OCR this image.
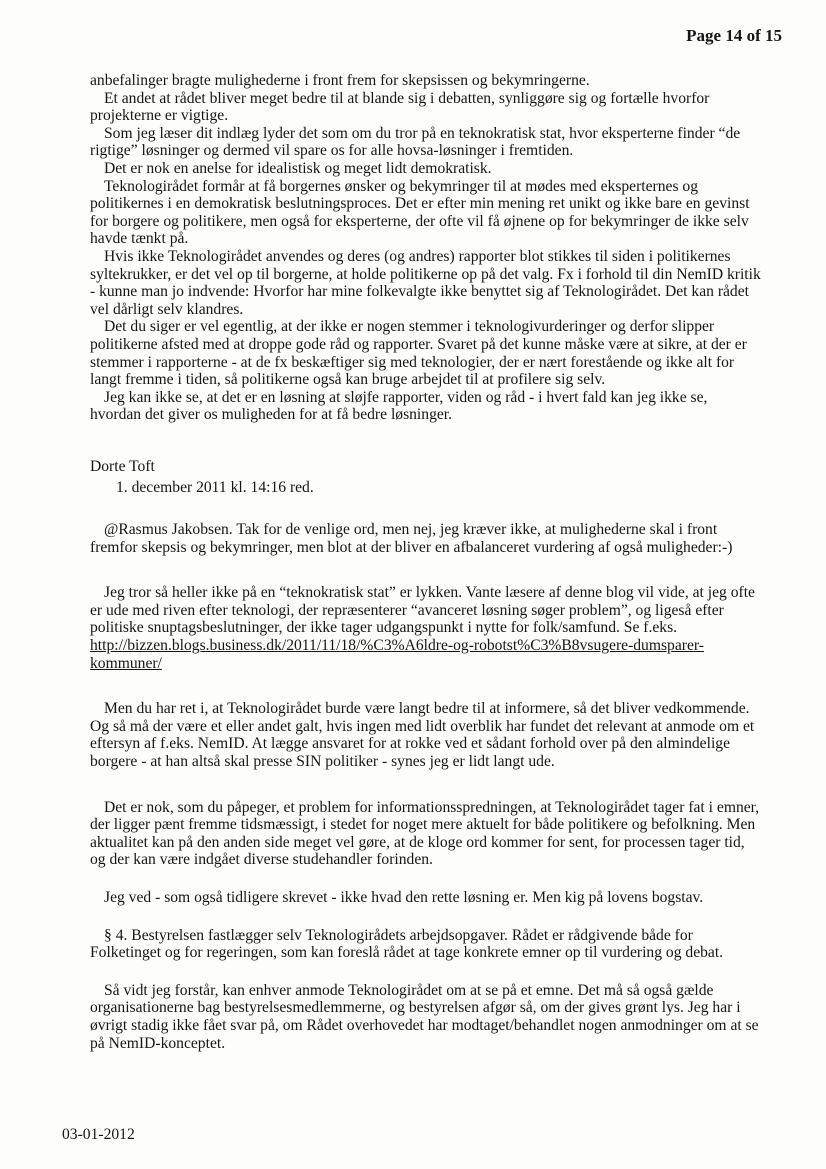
Page 14 of 15

anbefalinger bragte mulighederne i front frem for skepsissen og bekymringerne.

Et andet at rådet bliver meget bedre til at blande sig i debatten, synliggøre sig og fortælle hvorfor projekterne er vigtige.

Som jeg læser dit indlæg lyder det som om du tror på en teknokratisk stat, hvor eksperterne finder “de rigtige” løsninger og dermed vil spare os for alle hovsa-løsninger i fremtiden.

Det er nok en anelse for idealistisk og meget lidt demokratisk.

Teknologirådet formår at få borgernes ønsker og bekymringer til at mødes med eksperternes og politikernes i en demokratisk beslutningsproces. Det er efter min mening ret unikt og ikke bare en gevinst for borgere og politikere, men også for eksperterne, der ofte vil få øjnene op for bekymringer de ikke selv havde tænkt på.

Hvis ikke Teknologirådet anvendes og deres (og andres) rapporter blot stikkes til siden i politikernes syltekrukker, er det vel op til borgerne, at holde politikerne op på det valg. Fx i forhold til din NemID kritik - kunne man jo indvende: Hvorfor har mine folkevalgte ikke benyttet sig af Teknologirådet. Det kan rådet vel dårligt selv klandres.

Det du siger er vel egentlig, at der ikke er nogen stemmer i teknologivurderinger og derfor slipper politikerne afsted med at droppe gode råd og rapporter. Svaret på det kunne måske være at sikre, at der er stemmer i rapporterne - at de fx beskæftiger sig med teknologier, der er nært forestående og ikke alt for langt fremme i tiden, så politikerne også kan bruge arbejdet til at profilere sig selv.

Jeg kan ikke se, at det er en løsning at sløjfe rapporter, viden og råd - i hvert fald kan jeg ikke se, hvordan det giver os muligheden for at få bedre løsninger.

Dorte Toft

1. december 2011 kl. 14:16 red.

@Rasmus Jakobsen. Tak for de venlige ord, men nej, jeg kræver ikke, at mulighederne skal i front fremfor skepsis og bekymringer, men blot at der bliver en afbalanceret vurdering af også muligheder:-)

Jeg tror så heller ikke på en “teknokratisk stat” er lykken. Vante læsere af denne blog vil vide, at jeg ofte er ude med riven efter teknologi, der repræsenterer “avanceret løsning søger problem”, og ligeså efter politiske snuptagsbeslutninger, der ikke tager udgangspunkt i nytte for folk/samfund. Se f.eks.
http://bizzen.blogs.business.dk/2011/11/18/%C3%A6ldre-og-robotst%C3%B8vsugere-dumsparer-kommuner/

Men du har ret i, at Teknologirådet burde være langt bedre til at informere, så det bliver vedkommende. Og så må der være et eller andet galt, hvis ingen med lidt overblik har fundet det relevant at anmode om et eftersyn af f.eks. NemID. At lægge ansvaret for at rokke ved et sådant forhold over på den almindelige borgere - at han altså skal presse SIN politiker - synes jeg er lidt langt ude.

Det er nok, som du påpeger, et problem for informationsspredningen, at Teknologirådet tager fat i emner, der ligger pænt fremme tidsmæssigt, i stedet for noget mere aktuelt for både politikere og befolkning. Men aktualitet kan på den anden side meget vel gøre, at de kloge ord kommer for sent, for processen tager tid, og der kan være indgået diverse studehandler forinden.

Jeg ved - som også tidligere skrevet - ikke hvad den rette løsning er. Men kig på lovens bogstav.

§ 4. Bestyrelsen fastlægger selv Teknologirådets arbejdsopgaver. Rådet er rådgivende både for Folketinget og for regeringen, som kan foreslå rådet at tage konkrete emner op til vurdering og debat.

Så vidt jeg forstår, kan enhver anmode Teknologirådet om at se på et emne. Det må så også gælde organisationerne bag bestyrelsesmedlemmerne, og bestyrelsen afgør så, om der gives grønt lys. Jeg har i øvrigt stadig ikke fået svar på, om Rådet overhovedet har modtaget/behandlet nogen anmodninger om at se på NemID-konceptet.

03-01-2012
